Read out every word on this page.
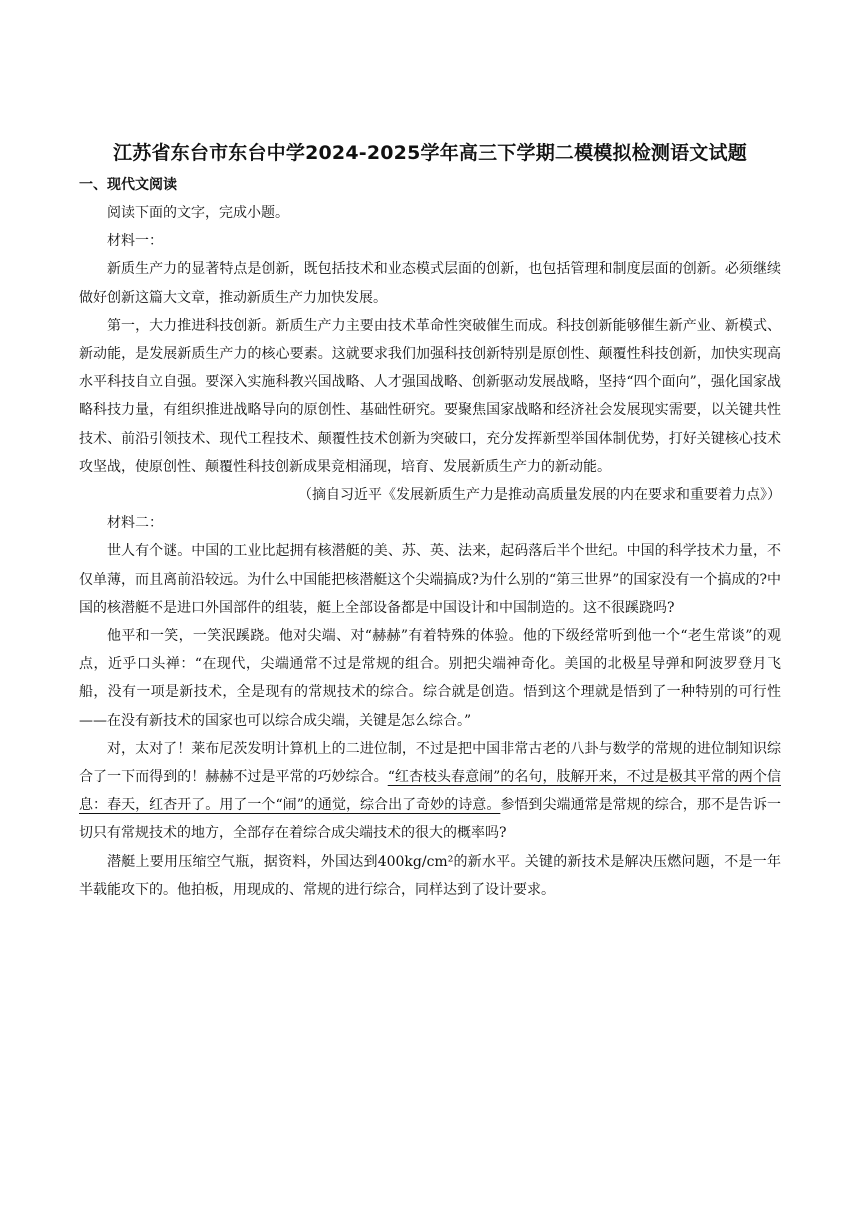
江苏省东台市东台中学2024-2025学年高三下学期二模模拟检测语文试题
一、现代文阅读

阅读下面的文字，完成小题。

材料一：

新质生产力的显著特点是创新，既包括技术和业态模式层面的创新，也包括管理和制度层面的创新。必须继续做好创新这篇大文章，推动新质生产力加快发展。

第一，大力推进科技创新。新质生产力主要由技术革命性突破催生而成。科技创新能够催生新产业、新模式、新动能，是发展新质生产力的核心要素。这就要求我们加强科技创新特别是原创性、颠覆性科技创新，加快实现高水平科技自立自强。要深入实施科教兴国战略、人才强国战略、创新驱动发展战略，坚持“四个面向”，强化国家战略科技力量，有组织推进战略导向的原创性、基础性研究。要聚焦国家战略和经济社会发展现实需要，以关键共性技术、前沿引领技术、现代工程技术、颠覆性技术创新为突破口，充分发挥新型举国体制优势，打好关键核心技术攻坚战，使原创性、颠覆性科技创新成果竞相涌现，培育、发展新质生产力的新动能。

（摘自习近平《发展新质生产力是推动高质量发展的内在要求和重要着力点》）

材料二：

世人有个谜。中国的工业比起拥有核潜艇的美、苏、英、法来，起码落后半个世纪。中国的科学技术力量，不仅单薄，而且离前沿较远。为什么中国能把核潜艇这个尖端搞成?为什么别的“第三世界”的国家没有一个搞成的?中国的核潜艇不是进口外国部件的组装，艇上全部设备都是中国设计和中国制造的。这不很蹊跷吗?

他平和一笑，一笑泯蹊跷。他对尖端、对“赫赫”有着特殊的体验。他的下级经常听到他一个“老生常谈”的观点，近乎口头禅：“在现代，尖端通常不过是常规的组合。别把尖端神奇化。美国的北极星导弹和阿波罗登月飞船，没有一项是新技术，全是现有的常规技术的综合。综合就是创造。悟到这个理就是悟到了一种特别的可行性——在没有新技术的国家也可以综合成尖端，关键是怎么综合。”

对，太对了！莱布尼茨发明计算机上的二进位制，不过是把中国非常古老的八卦与数学的常规的进位制知识综合了一下而得到的！赫赫不过是平常的巧妙综合。“红杏枝头春意闹”的名句，肢解开来，不过是极其平常的两个信息：春天，红杏开了。用了一个“闹”的通觉，综合出了奇妙的诗意。参悟到尖端通常是常规的综合，那不是告诉一切只有常规技术的地方，全部存在着综合成尖端技术的很大的概率吗?

潜艇上要用压缩空气瓶，据资料，外国达到400kg/cm²的新水平。关键的新技术是解决压燃问题，不是一年半载能攻下的。他拍板，用现成的、常规的进行综合，同样达到了设计要求。
